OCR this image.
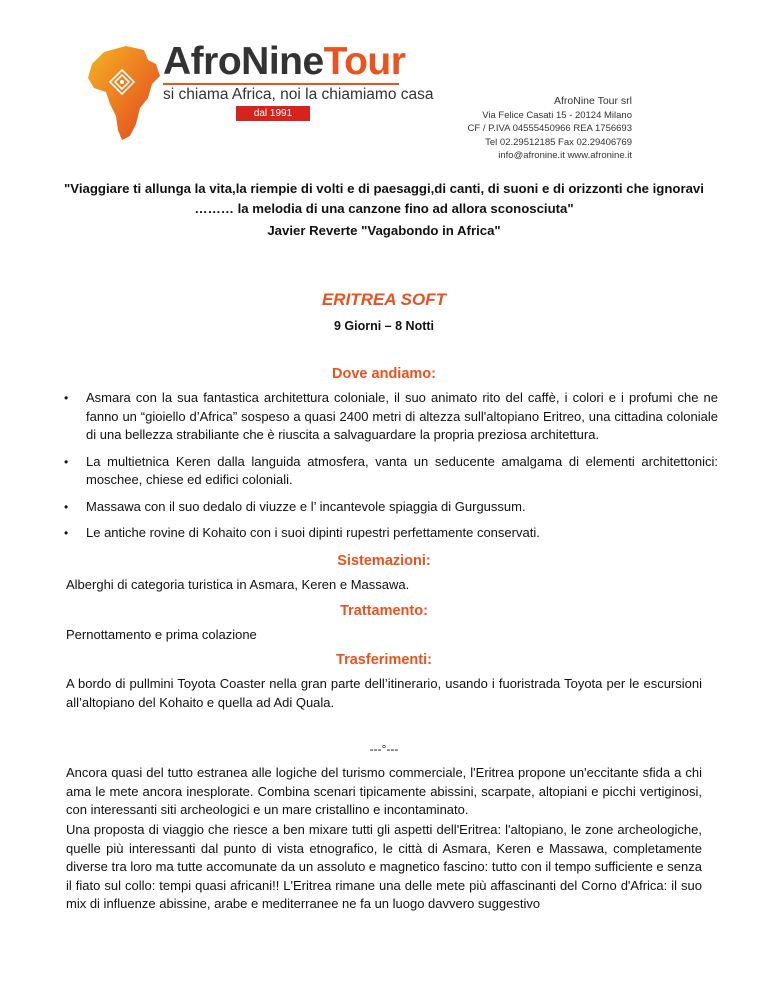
AfroNineTour
si chiama Africa, noi la chiamiamo casa
dal 1991
AfroNine Tour srl
Via Felice Casati 15 - 20124 Milano
CF / P.IVA 04555450966 REA 1756693
Tel 02.29512185 Fax 02.29406769
info@afronine.it www.afronine.it
"Viaggiare ti allunga la vita,la riempie di volti e di paesaggi,di canti, di suoni e di orizzonti che ignoravi
……… la melodia di una canzone fino ad allora sconosciuta"
Javier Reverte "Vagabondo in Africa"
ERITREA SOFT
9 Giorni – 8 Notti
Dove andiamo:
• Asmara con la sua fantastica architettura coloniale, il suo animato rito del caffè, i colori e i profumi che ne fanno un “gioiello d’Africa” sospeso a quasi 2400 metri di altezza sull'altopiano Eritreo, una cittadina coloniale di una bellezza strabiliante che è riuscita a salvaguardare la propria preziosa architettura.
• La multietnica Keren dalla languida atmosfera, vanta un seducente amalgama di elementi architettonici: moschee, chiese ed edifici coloniali.
• Massawa con il suo dedalo di viuzze e l’ incantevole spiaggia di Gurgussum.
• Le antiche rovine di Kohaito con i suoi dipinti rupestri perfettamente conservati.
Sistemazioni:
Alberghi di categoria turistica in Asmara, Keren e Massawa.
Trattamento:
Pernottamento e prima colazione
Trasferimenti:
A bordo di pullmini Toyota Coaster nella gran parte dell’itinerario, usando i fuoristrada Toyota per le escursioni all’altopiano del Kohaito e quella ad Adi Quala.
---°---
Ancora quasi del tutto estranea alle logiche del turismo commerciale, l'Eritrea propone un'eccitante sfida a chi ama le mete ancora inesplorate. Combina scenari tipicamente abissini, scarpate, altopiani e picchi vertiginosi, con interessanti siti archeologici e un mare cristallino e incontaminato.
Una proposta di viaggio che riesce a ben mixare tutti gli aspetti dell'Eritrea: l'altopiano, le zone archeologiche, quelle più interessanti dal punto di vista etnografico, le città di Asmara, Keren e Massawa, completamente diverse tra loro ma tutte accomunate da un assoluto e magnetico fascino: tutto con il tempo sufficiente e senza il fiato sul collo: tempi quasi africani!! L'Eritrea rimane una delle mete più affascinanti del Corno d'Africa: il suo mix di influenze abissine, arabe e mediterranee ne fa un luogo davvero suggestivo
